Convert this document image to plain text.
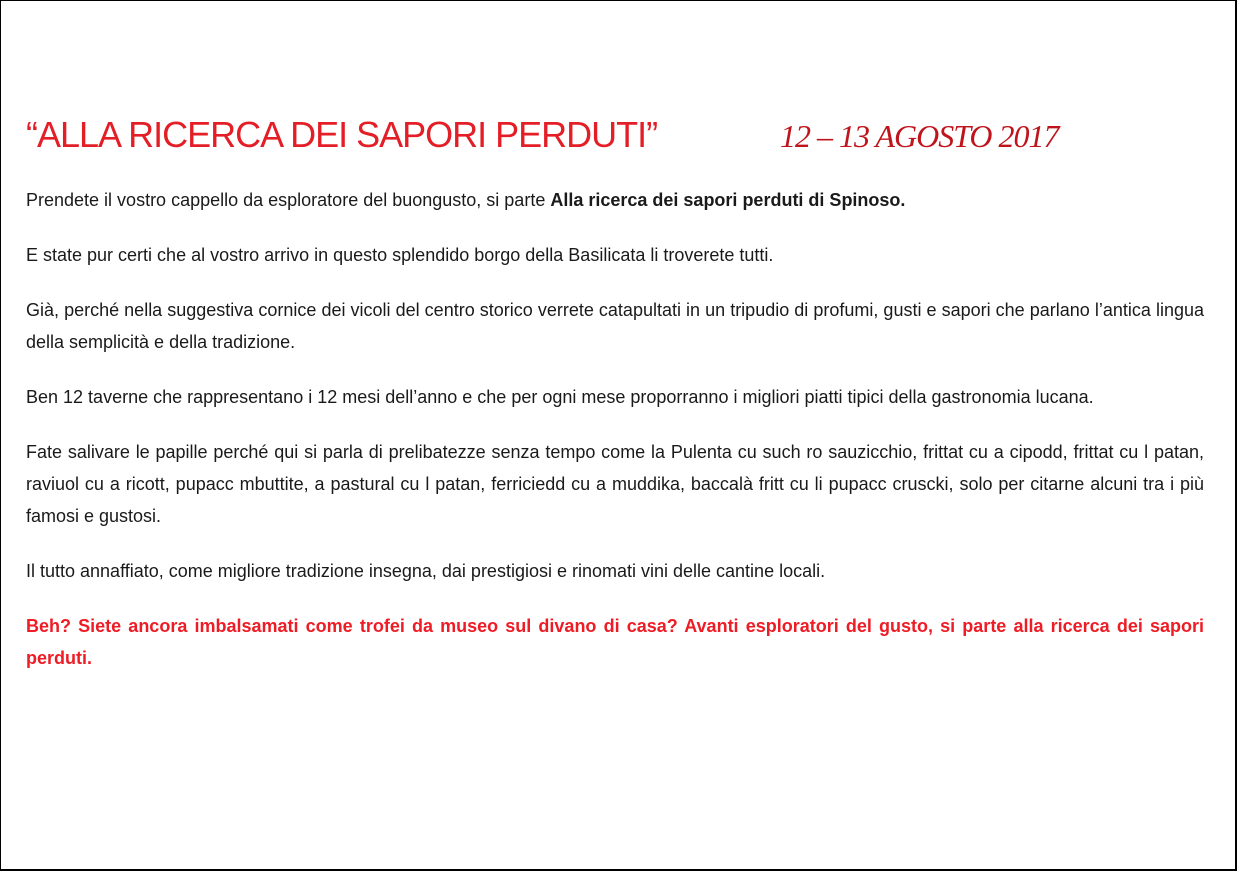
“ALLA RICERCA DEI SAPORI PERDUTI”	12 – 13 AGOSTO 2017

Prendete il vostro cappello da esploratore del buongusto, si parte Alla ricerca dei sapori perduti di Spinoso.

E state pur certi che al vostro arrivo in questo splendido borgo della Basilicata li troverete tutti.

Già, perché nella suggestiva cornice dei vicoli del centro storico verrete catapultati in un tripudio di profumi, gusti e sapori che parlano l’antica lingua della semplicità e della tradizione.

Ben 12 taverne che rappresentano i 12 mesi dell’anno e che per ogni mese proporranno i migliori piatti tipici della gastronomia lucana.

Fate salivare le papille perché qui si parla di prelibatezze senza tempo come la Pulenta cu such ro sauzicchio, frittat cu a cipodd, frittat cu l patan, raviuol cu a ricott, pupacc mbuttite, a pastural cu l patan, ferriciedd cu a muddika, baccalà fritt cu li pupacc cruscki, solo per citarne alcuni tra i più famosi e gustosi.

Il tutto annaffiato, come migliore tradizione insegna, dai prestigiosi e rinomati vini delle cantine locali.

Beh? Siete ancora imbalsamati come trofei da museo sul divano di casa? Avanti esploratori del gusto, si parte alla ricerca dei sapori perduti.
